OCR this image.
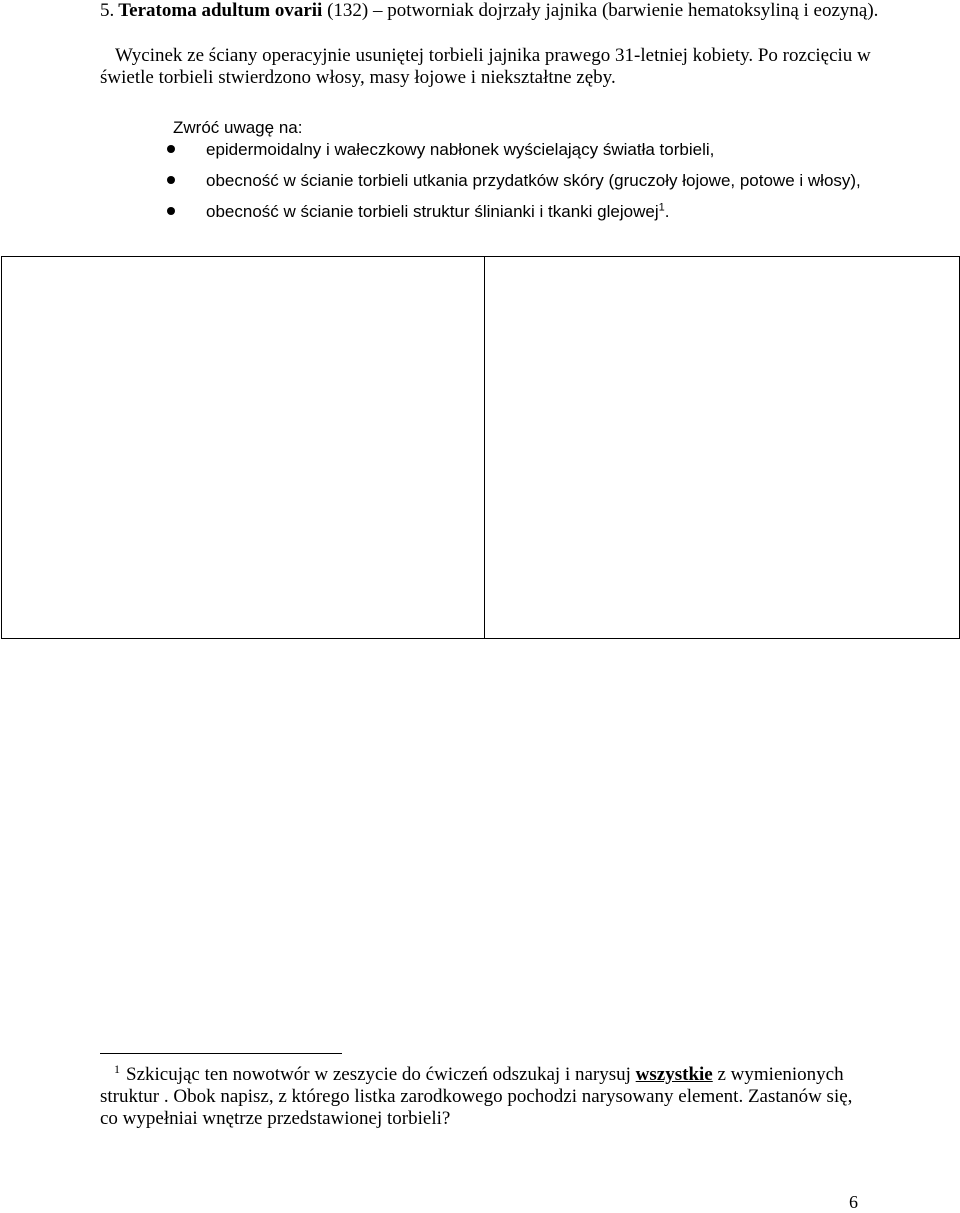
5. Teratoma adultum ovarii (132) – potworniak dojrzały jajnika (barwienie hematoksyliną i eozyną).

Wycinek ze ściany operacyjnie usuniętej torbieli jajnika prawego 31-letniej kobiety. Po rozcięciu w świetle torbieli stwierdzono włosy, masy łojowe i niekształtne zęby.

Zwróć uwagę na:

epidermoidalny i wałeczkowy nabłonek wyścielający światła torbieli,
obecność w ścianie torbieli utkania przydatków skóry (gruczoły łojowe, potowe i włosy),
obecność w ścianie torbieli struktur ślinianki i tkanki glejowej$^1$.

$^1$ Szkicując ten nowotwór w zeszycie do ćwiczeń odszukaj i narysuj wszystkie z wymienionych struktur . Obok napisz, z którego listka zarodkowego pochodzi narysowany element. Zastanów się, co wypełniai wnętrze przedstawionej torbieli?

6
